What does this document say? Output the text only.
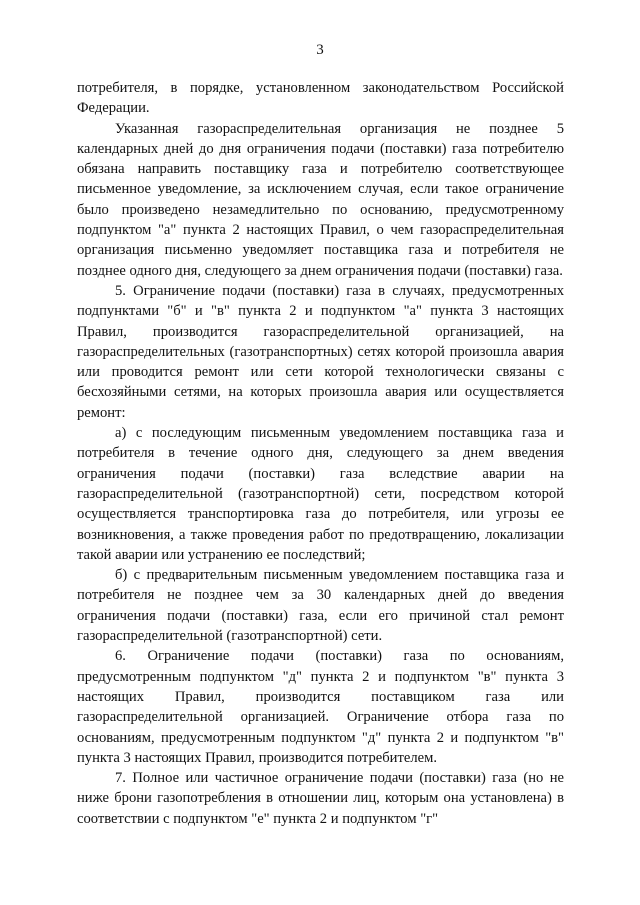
3

потребителя, в порядке, установленном законодательством Российской Федерации.

Указанная газораспределительная организация не позднее 5 календарных дней до дня ограничения подачи (поставки) газа потребителю обязана направить поставщику газа и потребителю соответствующее письменное уведомление, за исключением случая, если такое ограничение было произведено незамедлительно по основанию, предусмотренному подпунктом "а" пункта 2 настоящих Правил, о чем газораспределительная организация письменно уведомляет поставщика газа и потребителя не позднее одного дня, следующего за днем ограничения подачи (поставки) газа.

5. Ограничение подачи (поставки) газа в случаях, предусмотренных подпунктами "б" и "в" пункта 2 и подпунктом "а" пункта 3 настоящих Правил, производится газораспределительной организацией, на газораспределительных (газотранспортных) сетях которой произошла авария или проводится ремонт или сети которой технологически связаны с бесхозяйными сетями, на которых произошла авария или осуществляется ремонт:

а) с последующим письменным уведомлением поставщика газа и потребителя в течение одного дня, следующего за днем введения ограничения подачи (поставки) газа вследствие аварии на газораспределительной (газотранспортной) сети, посредством которой осуществляется транспортировка газа до потребителя, или угрозы ее возникновения, а также проведения работ по предотвращению, локализации такой аварии или устранению ее последствий;

б) с предварительным письменным уведомлением поставщика газа и потребителя не позднее чем за 30 календарных дней до введения ограничения подачи (поставки) газа, если его причиной стал ремонт газораспределительной (газотранспортной) сети.

6. Ограничение подачи (поставки) газа по основаниям, предусмотренным подпунктом "д" пункта 2 и подпунктом "в" пункта 3 настоящих Правил, производится поставщиком газа или газораспределительной организацией. Ограничение отбора газа по основаниям, предусмотренным подпунктом "д" пункта 2 и подпунктом "в" пункта 3 настоящих Правил, производится потребителем.

7. Полное или частичное ограничение подачи (поставки) газа (но не ниже брони газопотребления в отношении лиц, которым она установлена) в соответствии с подпунктом "е" пункта 2 и подпунктом "г"
